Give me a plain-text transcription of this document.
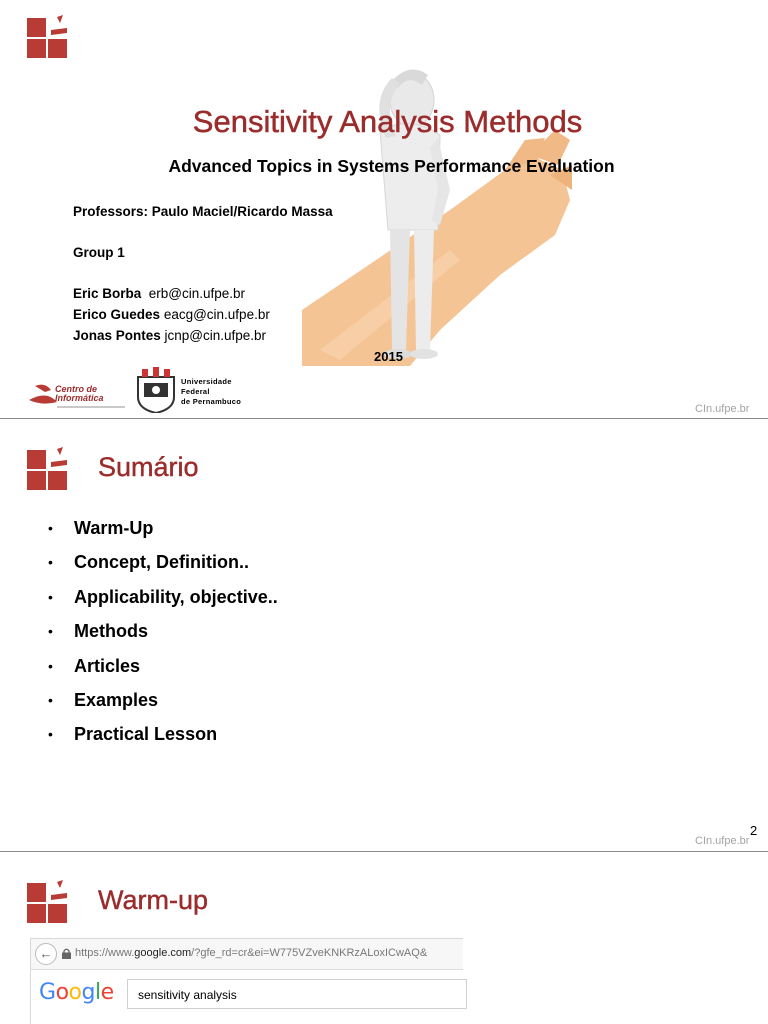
Sensitivity Analysis Methods
Advanced Topics in Systems Performance Evaluation
Professors: Paulo Maciel/Ricardo Massa
Group 1
Eric Borba erb@cin.ufpe.br
Erico Guedes eacg@cin.ufpe.br
Jonas Pontes jcnp@cin.ufpe.br
2015
Centro de Informática
Universidade
Federal
de Pernambuco
CIn.ufpe.br
Sumário
•	Warm-Up
•	Concept, Definition..
•	Applicability, objective..
•	Methods
•	Articles
•	Examples
•	Practical Lesson
2
CIn.ufpe.br
Warm-up
←	https://www.google.com/?gfe_rd=cr&ei=W775VZveKNKRzALoxICwAQ&
Google	sensitivity analysis
